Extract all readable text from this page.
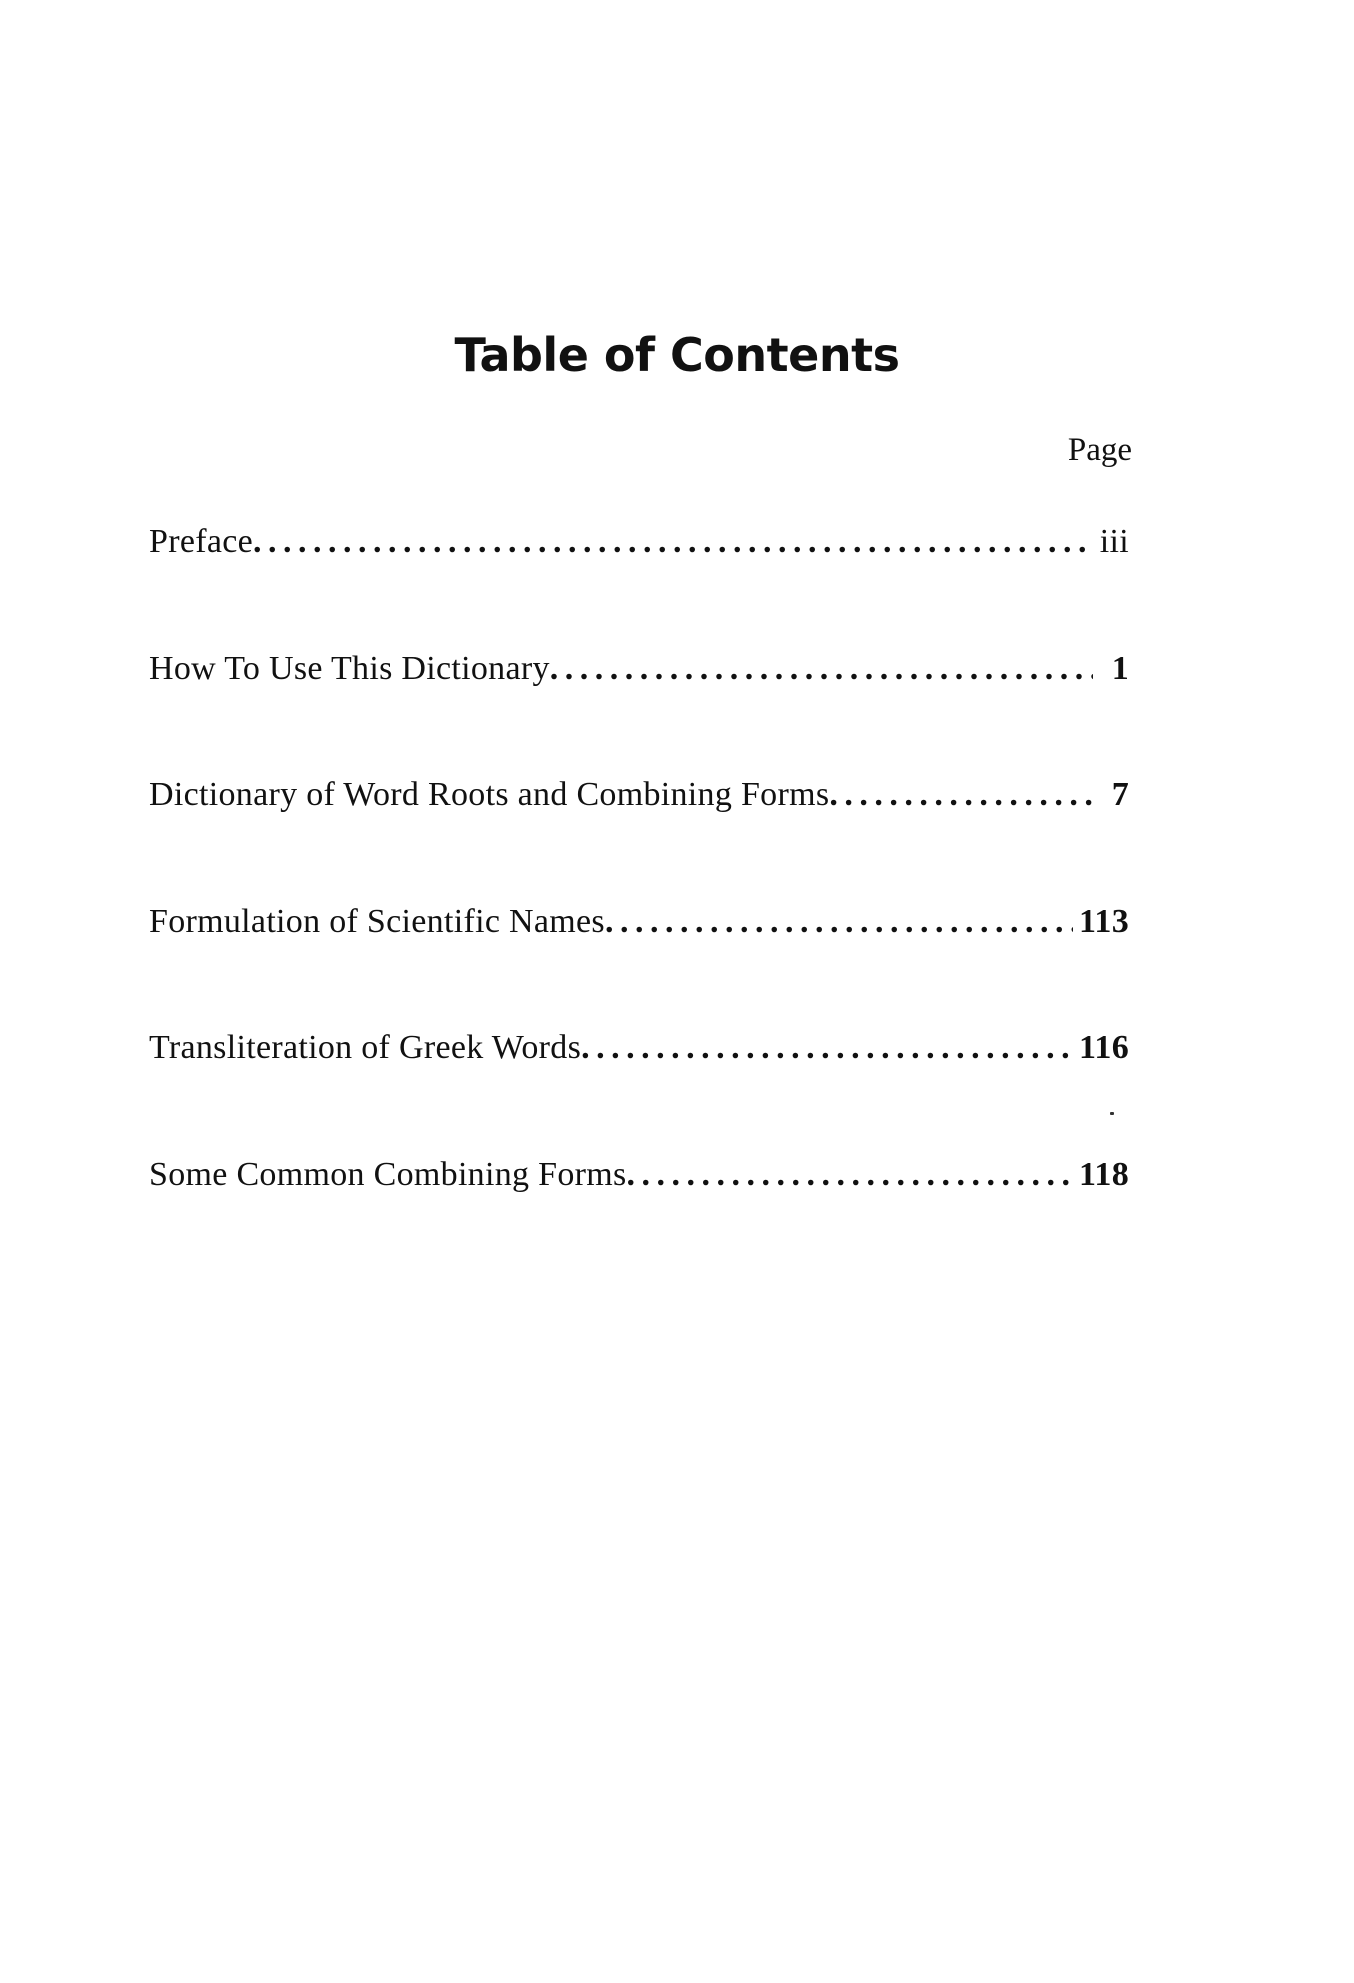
Table of Contents
Page
Preface . . .	iii
How To Use This Dictionary . . .	1
Dictionary of Word Roots and Combining Forms . . .	7
Formulation of Scientific Names . . .	113
Transliteration of Greek Words . . .	116
Some Common Combining Forms . . .	118
